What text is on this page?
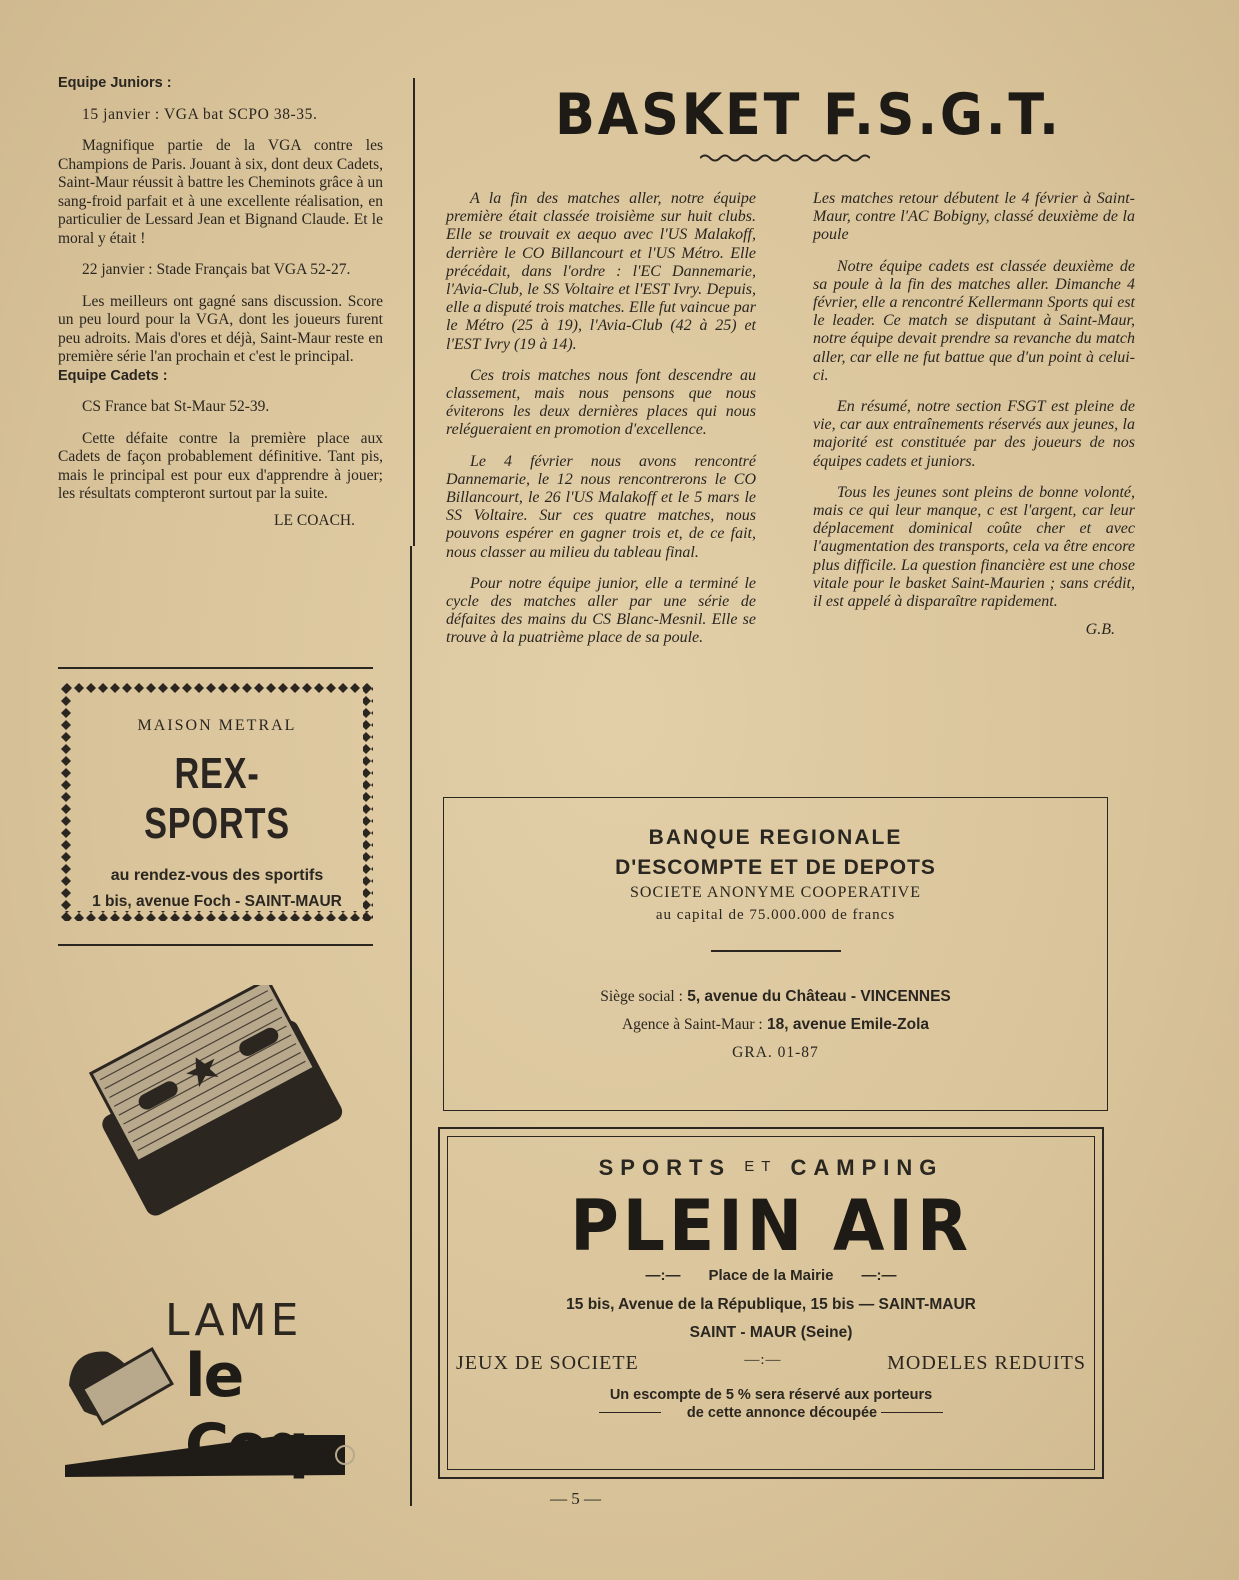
Equipe Juniors :

15 janvier : VGA bat SCPO 38-35.

Magnifique partie de la VGA contre les Champions de Paris. Jouant à six, dont deux Cadets, Saint-Maur réussit à battre les Cheminots grâce à un sang-froid parfait et à une excellente réalisation, en particulier de Lessard Jean et Bignand Claude. Et le moral y était !

22 janvier : Stade Français bat VGA 52-27.

Les meilleurs ont gagné sans discussion. Score un peu lourd pour la VGA, dont les joueurs furent peu adroits. Mais d'ores et déjà, Saint-Maur reste en première série l'an prochain et c'est le principal.

Equipe Cadets :

CS France bat St-Maur 52-39.

Cette défaite contre la première place aux Cadets de façon probablement définitive. Tant pis, mais le principal est pour eux d'apprendre à jouer; les résultats compteront surtout par la suite.

LE COACH.

MAISON METRAL
REX-SPORTS
au rendez-vous des sportifs
1 bis, avenue Foch - SAINT-MAUR
LAME
le Coq
BASKET F.S.G.T.

A la fin des matches aller, notre équipe première était classée troisième sur huit clubs. Elle se trouvait ex aequo avec l'US Malakoff, derrière le CO Billancourt et l'US Métro. Elle précédait, dans l'ordre : l'EC Dannemarie, l'Avia-Club, le SS Voltaire et l'EST Ivry. Depuis, elle a disputé trois matches. Elle fut vaincue par le Métro (25 à 19), l'Avia-Club (42 à 25) et l'EST Ivry (19 à 14).

Ces trois matches nous font descendre au classement, mais nous pensons que nous éviterons les deux dernières places qui nous relégueraient en promotion d'excellence.

Le 4 février nous avons rencontré Dannemarie, le 12 nous rencontrerons le CO Billancourt, le 26 l'US Malakoff et le 5 mars le SS Voltaire. Sur ces quatre matches, nous pouvons espérer en gagner trois et, de ce fait, nous classer au milieu du tableau final.

Pour notre équipe junior, elle a terminé le cycle des matches aller par une série de défaites des mains du CS Blanc-Mesnil. Elle se trouve à la puatrième place de sa poule.

Les matches retour débutent le 4 février à Saint-Maur, contre l'AC Bobigny, classé deuxième de la poule

Notre équipe cadets est classée deuxième de sa poule à la fin des matches aller. Dimanche 4 février, elle a rencontré Kellermann Sports qui est le leader. Ce match se disputant à Saint-Maur, notre équipe devait prendre sa revanche du match aller, car elle ne fut battue que d'un point à celui-ci.

En résumé, notre section FSGT est pleine de vie, car aux entraînements réservés aux jeunes, la majorité est constituée par des joueurs de nos équipes cadets et juniors.

Tous les jeunes sont pleins de bonne volonté, mais ce qui leur manque, c est l'argent, car leur déplacement dominical coûte cher et avec l'augmentation des transports, cela va être encore plus difficile. La question financière est une chose vitale pour le basket Saint-Maurien ; sans crédit, il est appelé à disparaître rapidement.

G.B.

BANQUE REGIONALE
D'ESCOMPTE ET DE DEPOTS
SOCIETE ANONYME COOPERATIVE
au capital de 75.000.000 de francs
Siège social : 5, avenue du Château - VINCENNES
Agence à Saint-Maur : 18, avenue Emile-Zola
GRA. 01-87
SPORTS ET CAMPING
PLEIN AIR
—:— Place de la Mairie —:—
15 bis, Avenue de la République, 15 bis — SAINT-MAUR
SAINT - MAUR (Seine)
JEUX DE SOCIETE	—:—	MODELES REDUITS
Un escompte de 5 % sera réservé aux porteurs
de cette annonce découpée
— 5 —
